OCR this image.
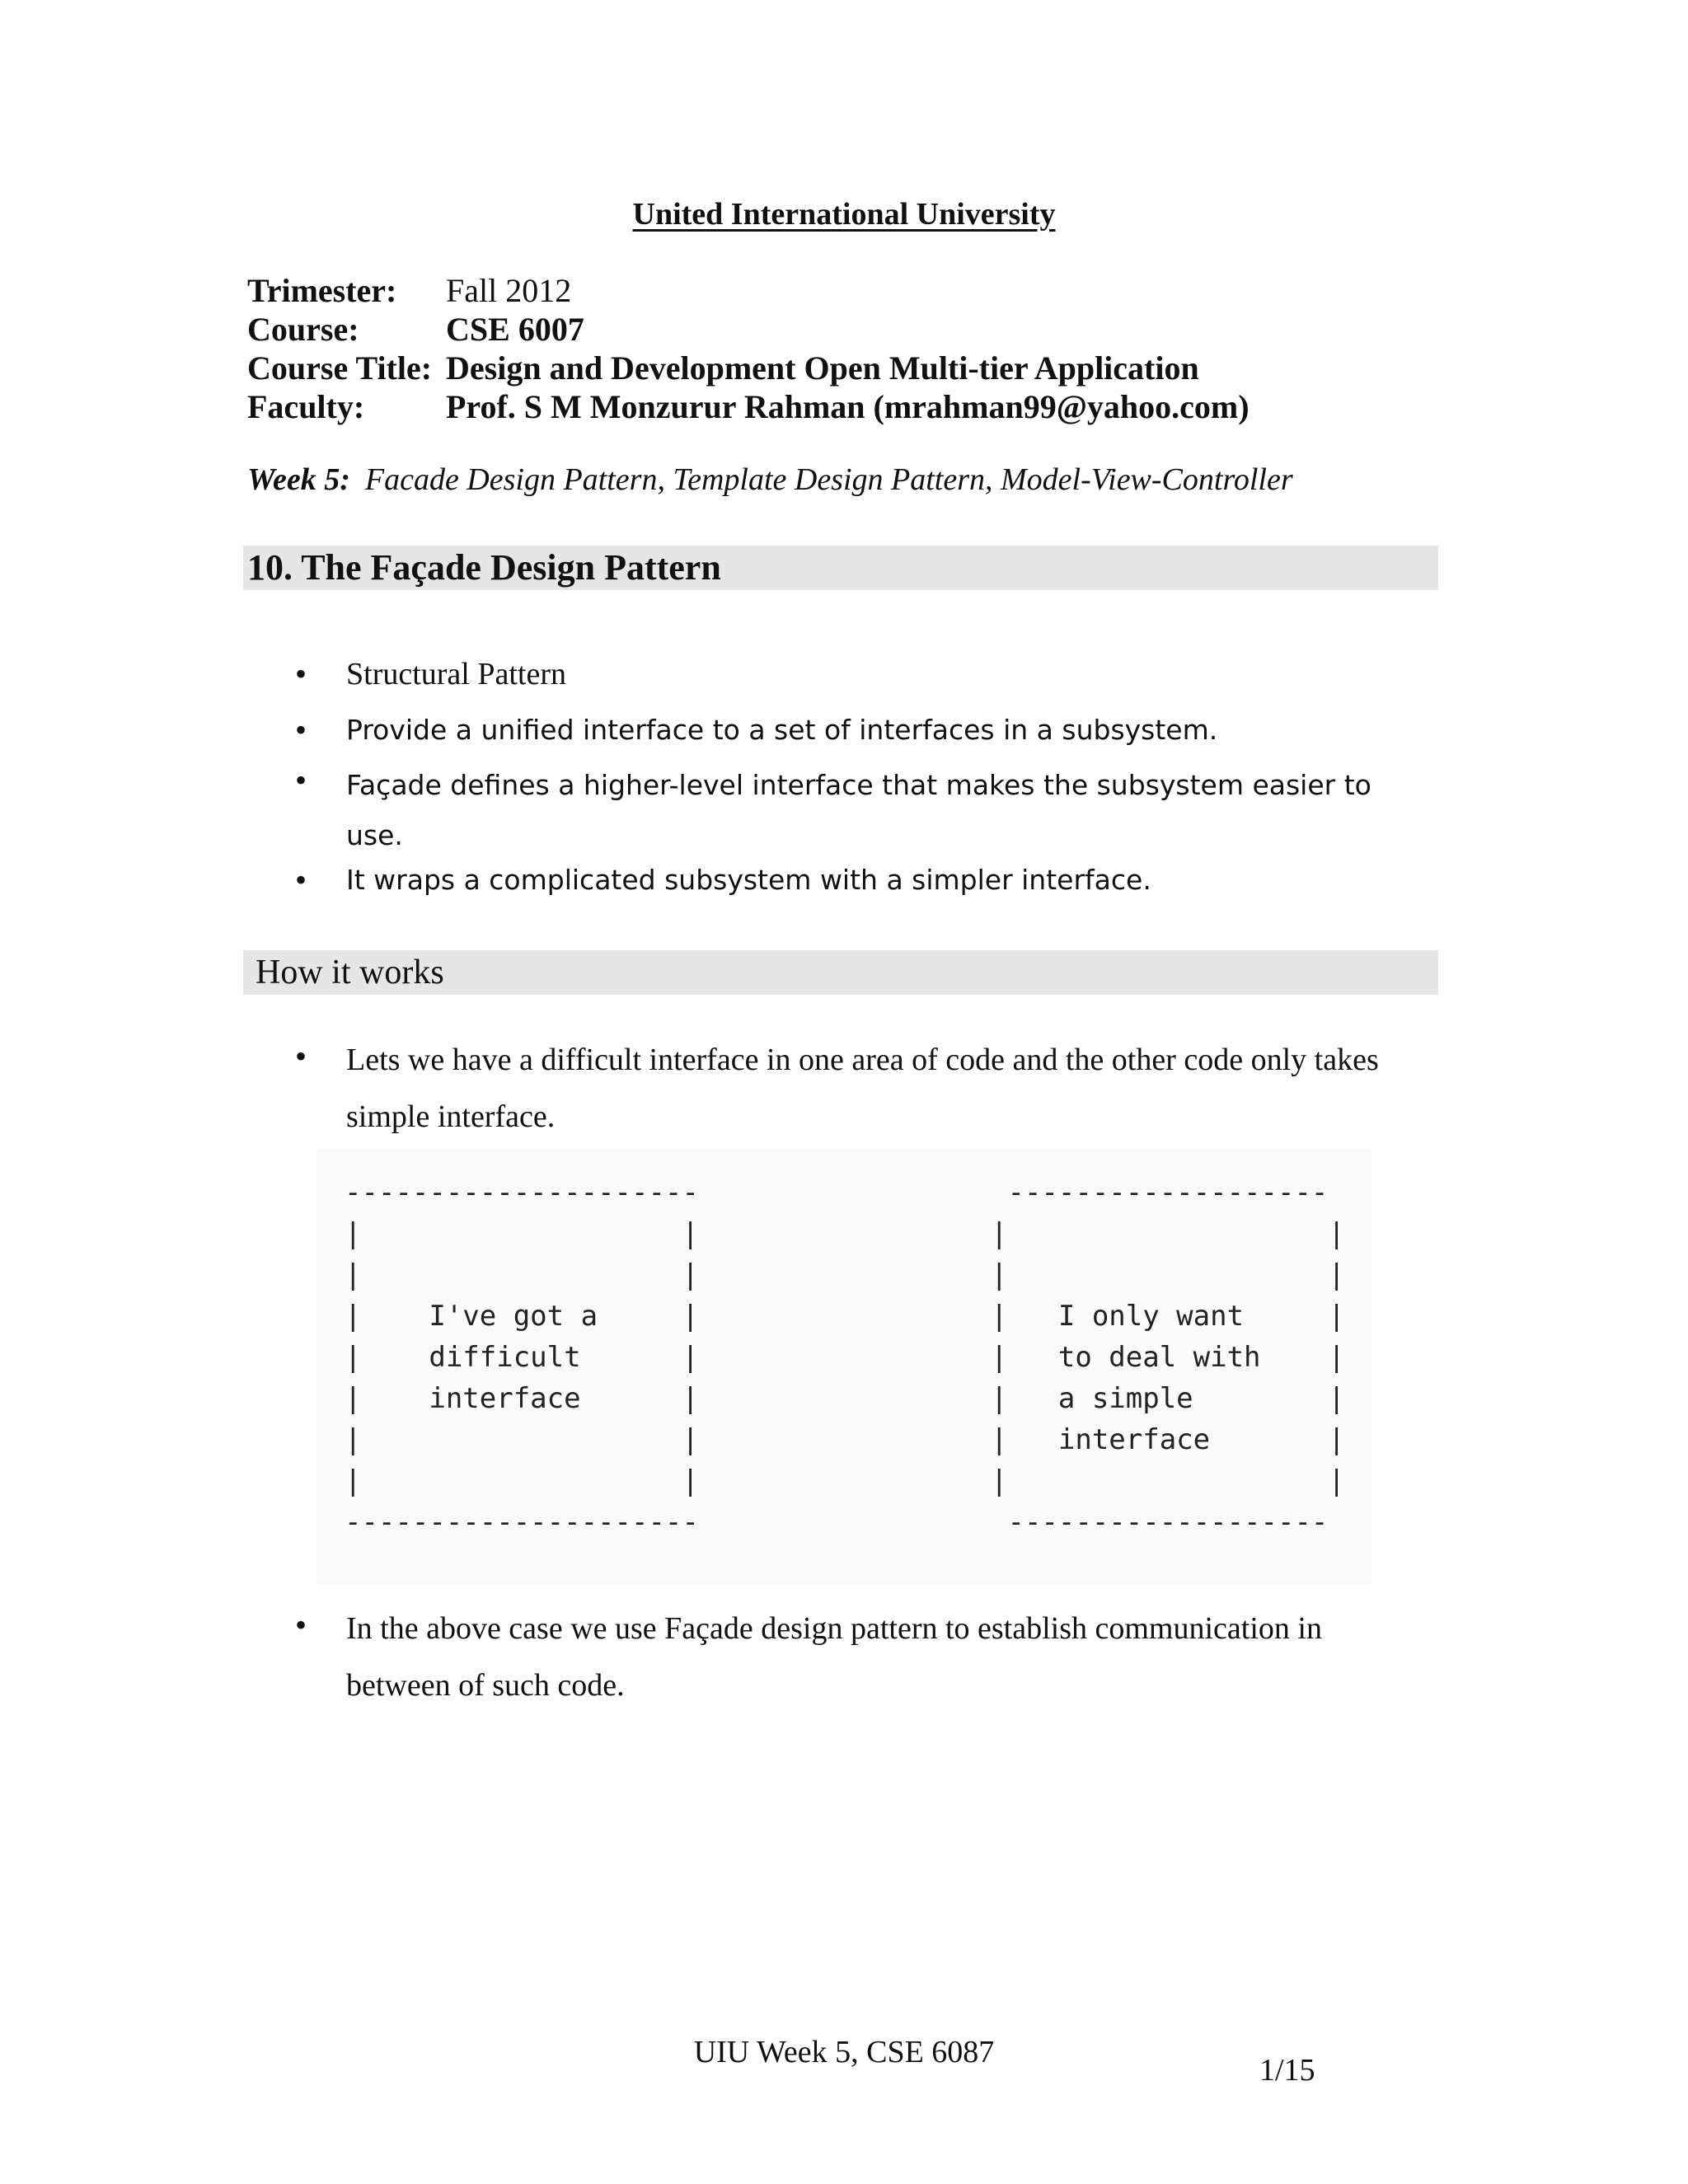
United International University
Trimester: Fall 2012
Course:	CSE 6007
Course Title: Design and Development Open Multi-tier Application
Faculty: Prof. S M Monzurur Rahman (mrahman99@yahoo.com)
Week 5: Facade Design Pattern, Template Design Pattern, Model-View-Controller
10. The Façade Design Pattern
• Structural Pattern
• Provide a unified interface to a set of interfaces in a subsystem.
• Façade defines a higher-level interface that makes the subsystem easier to use.
• It wraps a complicated subsystem with a simpler interface.
How it works
• Lets we have a difficult interface in one area of code and the other code only takes simple interface.
---------------------
|                   |
|                   |
|    I've got a     |
|    difficult      |
|    interface      |
|                   |
|                   |
---------------------
-------------------
|                   |
|                   |
|   I only want     |
|   to deal with    |
|   a simple        |
|   interface       |
|                   |
-------------------
• In the above case we use Façade design pattern to establish communication in between of such code.
UIU Week 5, CSE 6087
1/15
